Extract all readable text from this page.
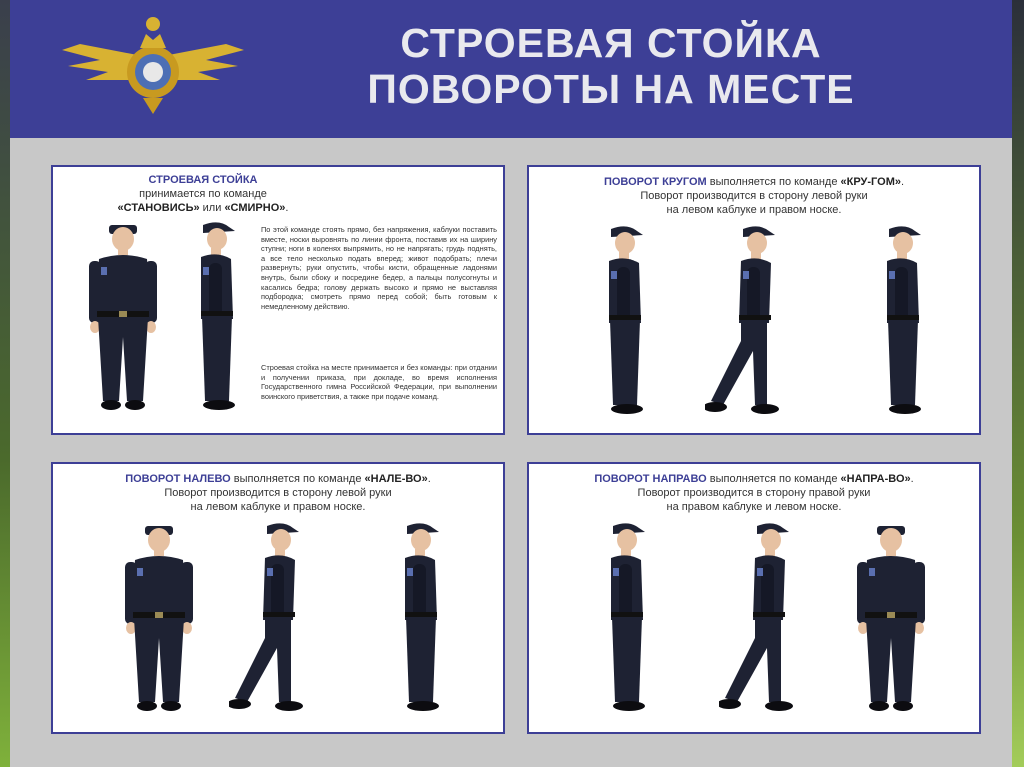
СТРОЕВАЯ СТОЙКА
ПОВОРОТЫ НА МЕСТЕ
СТРОЕВАЯ СТОЙКА
принимается по команде
«СТАНОВИСЬ» или «СМИРНО».
По этой команде стоять прямо, без напряжения, каблуки поставить вместе, носки выровнять по линии фронта, поставив их на ширину ступни; ноги в коленях выпрямить, но не напрягать; грудь поднять, а все тело несколько подать вперед; живот подобрать; плечи развернуть; руки опустить, чтобы кисти, обращенные ладонями внутрь, были сбоку и посредине бедер, а пальцы полусогнуты и касались бедра; голову держать высоко и прямо не выставляя подбородка; смотреть прямо перед собой; быть готовым к немедленному действию.
Строевая стойка на месте принимается и без команды: при отдании и получении приказа, при докладе, во время исполнения Государственного гимна Российской Федерации, при выполнении воинского приветствия, а также при подаче команд.
ПОВОРОТ КРУГОМ выполняется по команде «КРУ-ГОМ».
Поворот производится в сторону левой руки
на левом каблуке и правом носке.
ПОВОРОТ НАЛЕВО выполняется по команде «НАЛЕ-ВО».
Поворот производится в сторону левой руки
на левом каблуке и правом носке.
ПОВОРОТ НАПРАВО выполняется по команде «НАПРА-ВО».
Поворот производится в сторону правой руки
на правом каблуке и левом носке.
